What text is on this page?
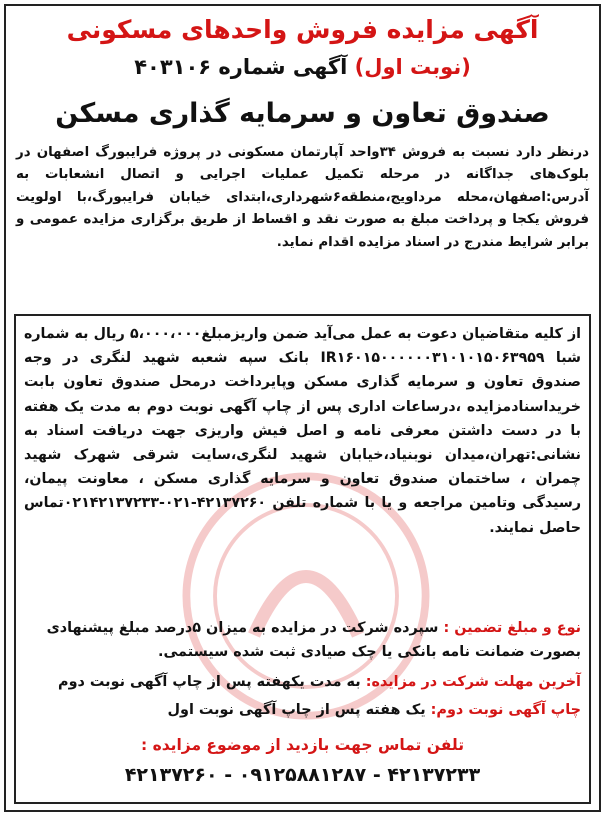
آگهی مزایده فروش واحدهای مسکونی
(نوبت اول) آگهی شماره ۴۰۳۱۰۶
صندوق تعاون و سرمایه گذاری مسکن
درنظر دارد نسبت به فروش ۳۴واحد آپارتمان مسکونی در پروژه فرایبورگ اصفهان در بلوک‌های جداگانه در مرحله تکمیل عملیات اجرایی و اتصال انشعابات به آدرس:اصفهان،محله مرداویج،منطقه۶شهرداری،ابتدای خیابان فرایبورگ،با اولویت فروش یکجا و پرداخت مبلغ به صورت نقد و اقساط از طریق برگزاری مزایده عمومی و برابر شرایط مندرج در اسناد مزایده اقدام نماید.
از کلیه متقاضیان دعوت به عمل می‌آید ضمن واریزمبلغ۵،۰۰۰،۰۰۰ ریال به شماره شبا IR۱۶۰۱۵۰۰۰۰۰۰۳۱۰۱۰۱۵۰۶۳۹۵۹ بانک سپه شعبه شهید لنگری در وجه صندوق تعاون و سرمایه گذاری مسکن وپایرداخت درمحل صندوق تعاون بابت خریداسنادمزایده ،درساعات اداری پس از چاپ آگهی نوبت دوم به مدت یک هفته با در دست داشتن معرفی نامه و اصل فیش واریزی جهت دریافت اسناد به نشانی:تهران،میدان نوبنیاد،خیابان شهید لنگری،سایت شرقی شهرک شهید چمران ، ساختمان صندوق تعاون و سرمایه گذاری مسکن ، معاونت پیمان، رسیدگی وتامین مراجعه و یا با شماره تلفن ۴۲۱۳۷۲۶۰-۰۲۱-۰۲۱۴۲۱۳۷۲۳۳تماس حاصل نمایند.
نوع و مبلغ تضمین : سپرده شرکت در مزایده به میزان ۵درصد مبلغ پیشنهادی بصورت ضمانت نامه بانکی یا چک صیادی ثبت شده سیستمی.
آخرین مهلت شرکت در مزایده: به مدت یکهفته پس از چاپ آگهی نوبت دوم
چاپ آگهی نوبت دوم: یک هفته پس از چاپ آگهی نوبت اول
تلفن تماس جهت بازدید از موضوع مزایده :
۴۲۱۳۷۲۶۰ - ۰۹۱۲۵۸۸۱۲۸۷ - ۴۲۱۳۷۲۳۳
